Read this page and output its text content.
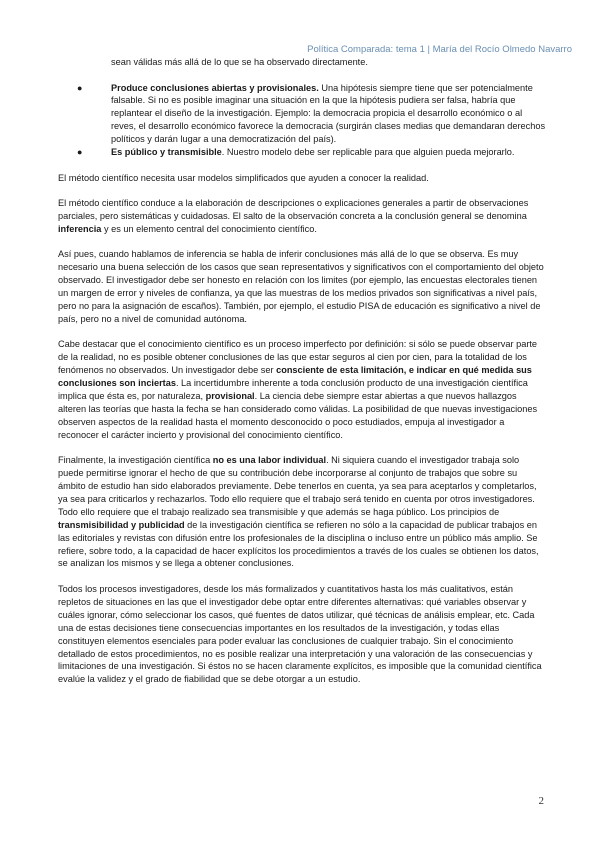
Política Comparada: tema 1 | María del Rocío Olmedo Navarro

sean válidas más allá de lo que se ha observado directamente.

●	Produce conclusiones abiertas y provisionales. Una hipótesis siempre tiene que ser potencialmente falsable. Si no es posible imaginar una situación en la que la hipótesis pudiera ser falsa, habría que replantear el diseño de la investigación. Ejemplo: la democracia propicia el desarrollo económico o al reves, el desarrollo económico favorece la democracia (surgirán clases medias que demandaran derechos políticos y darán lugar a una democratización del país).
●	Es público y transmisible. Nuestro modelo debe ser replicable para que alguien pueda mejorarlo.

El método científico necesita usar modelos simplificados que ayuden a conocer la realidad.

El método científico conduce a la elaboración de descripciones o explicaciones generales a partir de observaciones parciales, pero sistemáticas y cuidadosas. El salto de la observación concreta a la conclusión general se denomina inferencia y es un elemento central del conocimiento científico.

Así pues, cuando hablamos de inferencia se habla de inferir conclusiones más allá de lo que se observa. Es muy necesario una buena selección de los casos que sean representativos y significativos con el comportamiento del objeto observado. El investigador debe ser honesto en relación con los limites (por ejemplo, las encuestas electorales tienen un margen de error y niveles de confianza, ya que las muestras de los medios privados son significativas a nivel país, pero no para la asignación de escaños). También, por ejemplo, el estudio PISA de educación es significativo a nivel de país, pero no a nivel de comunidad autónoma.

Cabe destacar que el conocimiento científico es un proceso imperfecto por definición: si sólo se puede observar parte de la realidad, no es posible obtener conclusiones de las que estar seguros al cien por cien, para la totalidad de los fenómenos no observados. Un investigador debe ser consciente de esta limitación, e indicar en qué medida sus conclusiones son inciertas. La incertidumbre inherente a toda conclusión producto de una investigación científica implica que ésta es, por naturaleza, provisional. La ciencia debe siempre estar abiertas a que nuevos hallazgos alteren las teorías que hasta la fecha se han considerado como válidas. La posibilidad de que nuevas investigaciones observen aspectos de la realidad hasta el momento desconocido o poco estudiados, empuja al investigador a reconocer el carácter incierto y provisional del conocimiento científico.

Finalmente, la investigación científica no es una labor individual. Ni siquiera cuando el investigador trabaja solo puede permitirse ignorar el hecho de que su contribución debe incorporarse al conjunto de trabajos que sobre su ámbito de estudio han sido elaborados previamente. Debe tenerlos en cuenta, ya sea para aceptarlos y completarlos, ya sea para criticarlos y rechazarlos. Todo ello requiere que el trabajo será tenido en cuenta por otros investigadores. Todo ello requiere que el trabajo realizado sea transmisible y que además se haga público. Los principios de transmisibilidad y publicidad de la investigación científica se refieren no sólo a la capacidad de publicar trabajos en las editoriales y revistas con difusión entre los profesionales de la disciplina o incluso entre un público más amplio. Se refiere, sobre todo, a la capacidad de hacer explícitos los procedimientos a través de los cuales se obtienen los datos, se analizan los mismos y se llega a obtener conclusiones.

Todos los procesos investigadores, desde los más formalizados y cuantitativos hasta los más cualitativos, están repletos de situaciones en las que el investigador debe optar entre diferentes alternativas: qué variables observar y cuáles ignorar, cómo seleccionar los casos, qué fuentes de datos utilizar, qué técnicas de análisis emplear, etc. Cada una de estas decisiones tiene consecuencias importantes en los resultados de la investigación, y todas ellas constituyen elementos esenciales para poder evaluar las conclusiones de cualquier trabajo. Sin el conocimiento detallado de estos procedimientos, no es posible realizar una interpretación y una valoración de las consecuencias y limitaciones de una investigación. Si éstos no se hacen claramente explícitos, es imposible que la comunidad científica evalúe la validez y el grado de fiabilidad que se debe otorgar a un estudio.

2
